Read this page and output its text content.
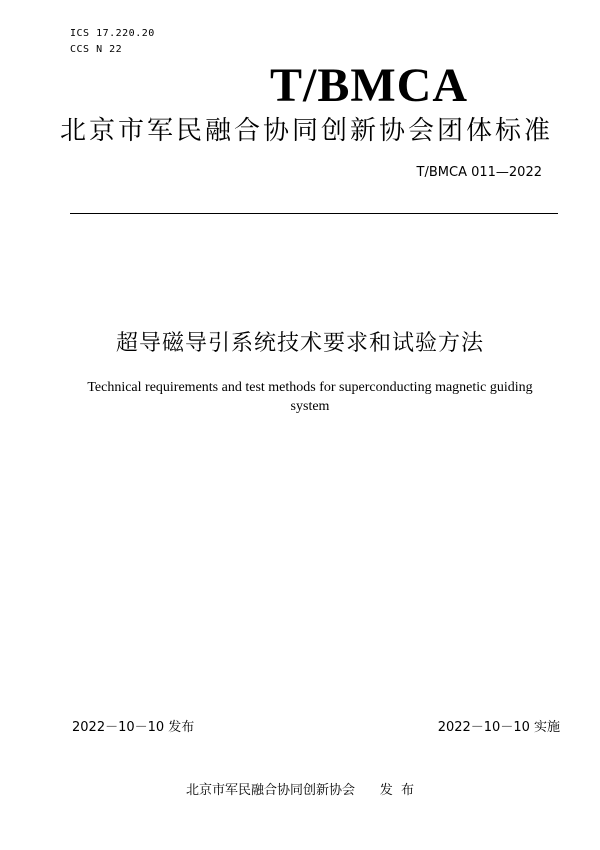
ICS 17.220.20
CCS N 22
T/BMCA
北京市军民融合协同创新协会团体标准
T/BMCA 011—2022
超导磁导引系统技术要求和试验方法
Technical requirements and test methods for superconducting magnetic guiding system
2022－10－10 发布	2022－10－10 实施
北京市军民融合协同创新协会      发  布
